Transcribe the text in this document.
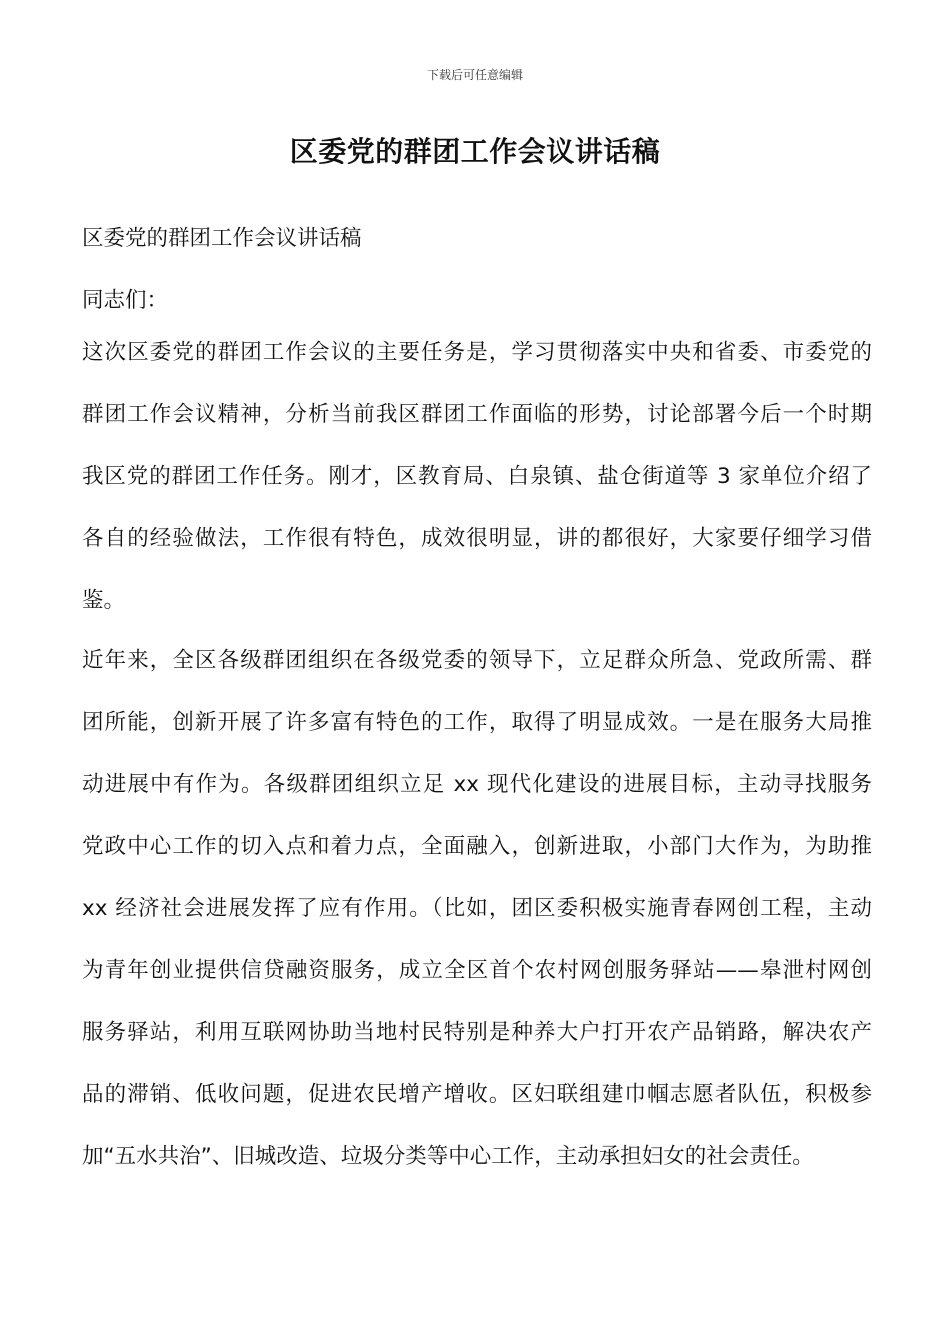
下载后可任意编辑
区委党的群团工作会议讲话稿
区委党的群团工作会议讲话稿
同志们：
这次区委党的群团工作会议的主要任务是，学习贯彻落实中央和省委、市委党的
群团工作会议精神，分析当前我区群团工作面临的形势，讨论部署今后一个时期
我区党的群团工作任务。刚才，区教育局、白泉镇、盐仓街道等 3 家单位介绍了
各自的经验做法，工作很有特色，成效很明显，讲的都很好，大家要仔细学习借
鉴。
近年来，全区各级群团组织在各级党委的领导下，立足群众所急、党政所需、群
团所能，创新开展了许多富有特色的工作，取得了明显成效。一是在服务大局推
动进展中有作为。各级群团组织立足 xx 现代化建设的进展目标，主动寻找服务
党政中心工作的切入点和着力点，全面融入，创新进取，小部门大作为，为助推
xx 经济社会进展发挥了应有作用。（比如，团区委积极实施青春网创工程，主动
为青年创业提供信贷融资服务，成立全区首个农村网创服务驿站——皋泄村网创
服务驿站，利用互联网协助当地村民特别是种养大户打开农产品销路，解决农产
品的滞销、低收问题，促进农民增产增收。区妇联组建巾帼志愿者队伍，积极参
加“五水共治”、旧城改造、垃圾分类等中心工作，主动承担妇女的社会责任。
